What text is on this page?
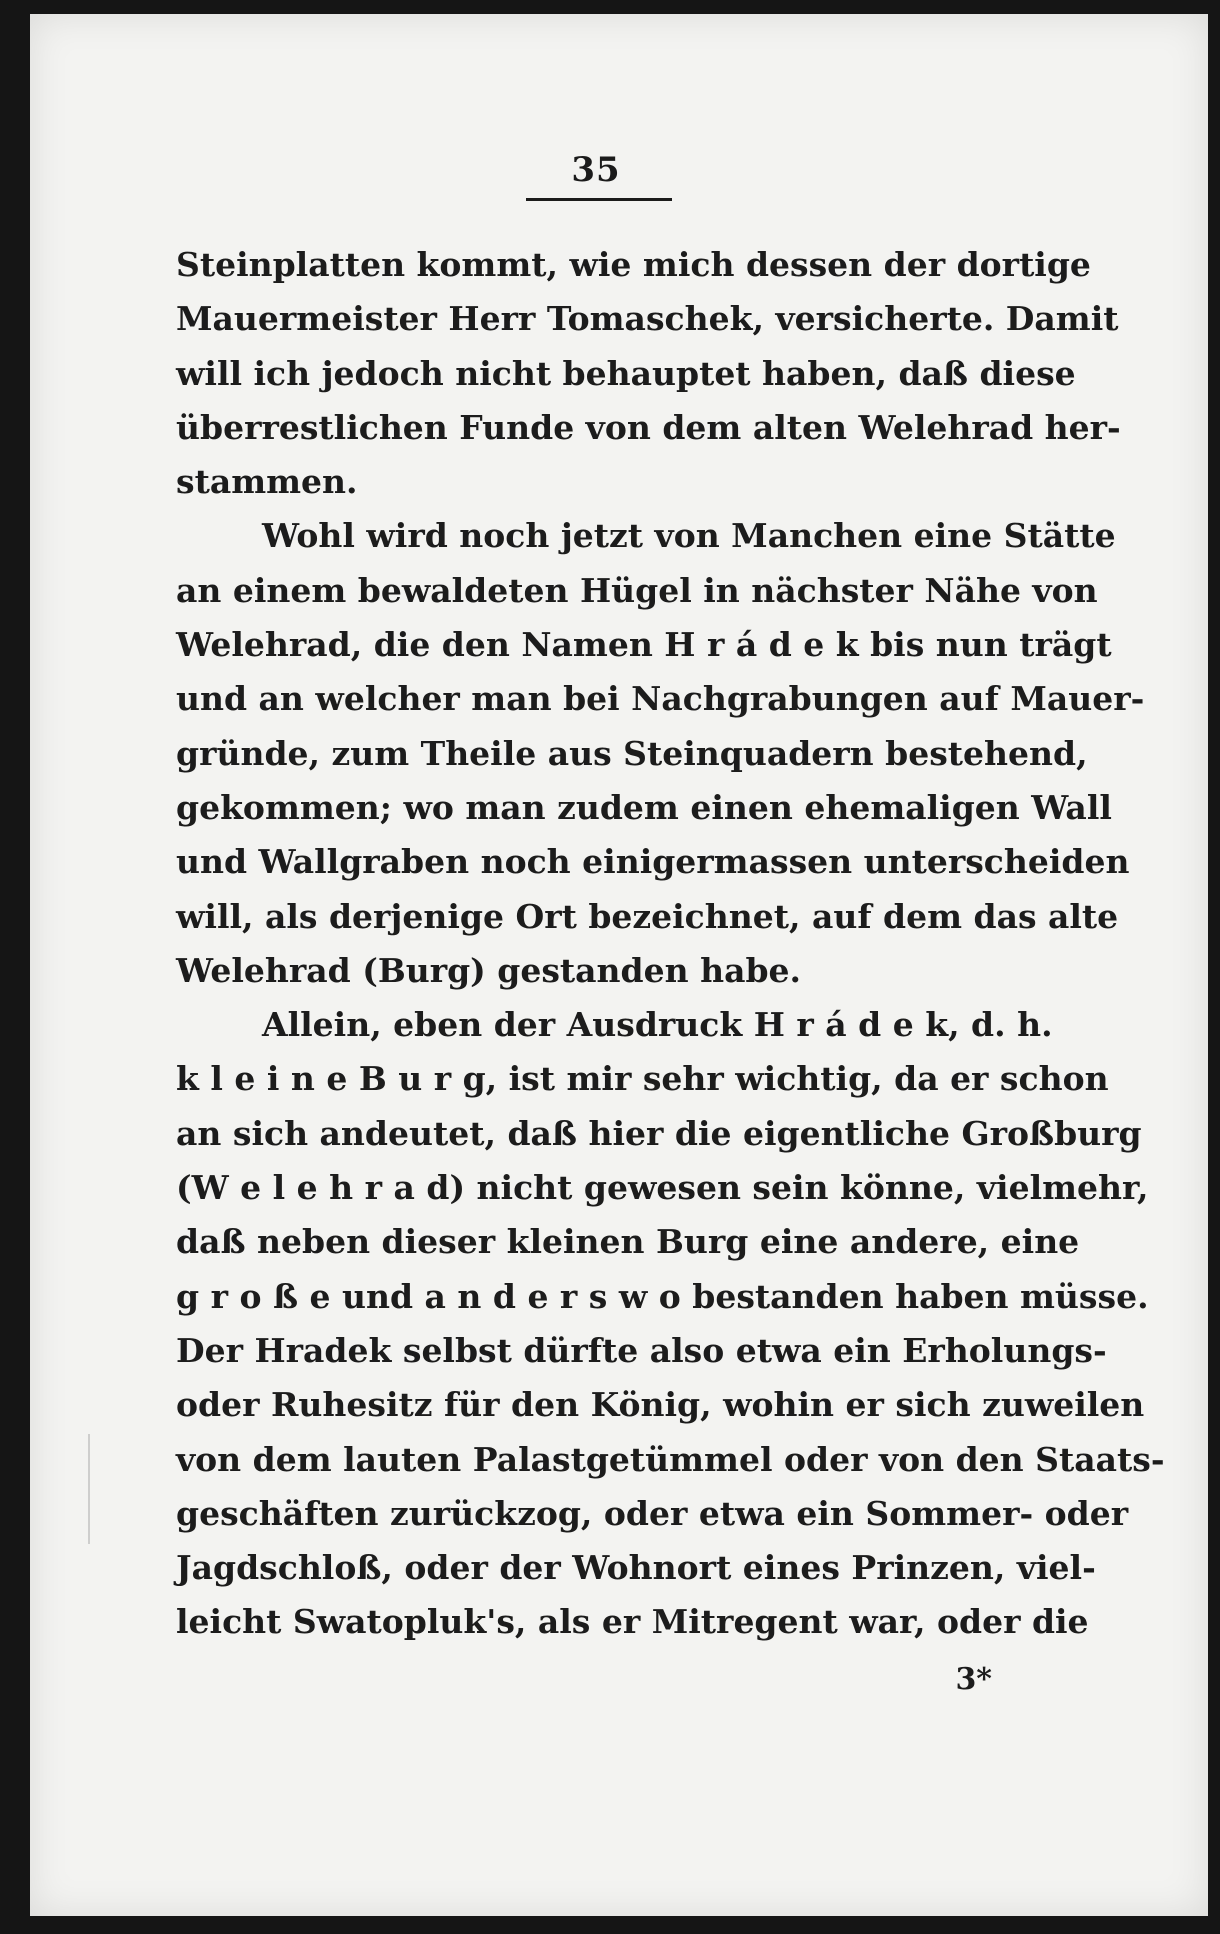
35
Steinplatten kommt, wie mich dessen der dortige
Mauermeister Herr Tomaschek, versicherte. Damit
will ich jedoch nicht behauptet haben, daß diese
überrestlichen Funde von dem alten Welehrad her-
stammen.
Wohl wird noch jetzt von Manchen eine Stätte
an einem bewaldeten Hügel in nächster Nähe von
Welehrad, die den Namen H r á d e k bis nun trägt
und an welcher man bei Nachgrabungen auf Mauer-
gründe, zum Theile aus Steinquadern bestehend,
gekommen; wo man zudem einen ehemaligen Wall
und Wallgraben noch einigermassen unterscheiden
will, als derjenige Ort bezeichnet, auf dem das alte
Welehrad (Burg) gestanden habe.
Allein, eben der Ausdruck H r á d e k, d. h.
k l e i n e B u r g, ist mir sehr wichtig, da er schon
an sich andeutet, daß hier die eigentliche Großburg
(W e l e h r a d) nicht gewesen sein könne, vielmehr,
daß neben dieser kleinen Burg eine andere, eine
g r o ß e und a n d e r s w o bestanden haben müsse.
Der Hradek selbst dürfte also etwa ein Erholungs-
oder Ruhesitz für den König, wohin er sich zuweilen
von dem lauten Palastgetümmel oder von den Staats-
geschäften zurückzog, oder etwa ein Sommer- oder
Jagdschloß, oder der Wohnort eines Prinzen, viel-
leicht Swatopluk's, als er Mitregent war, oder die
3*
